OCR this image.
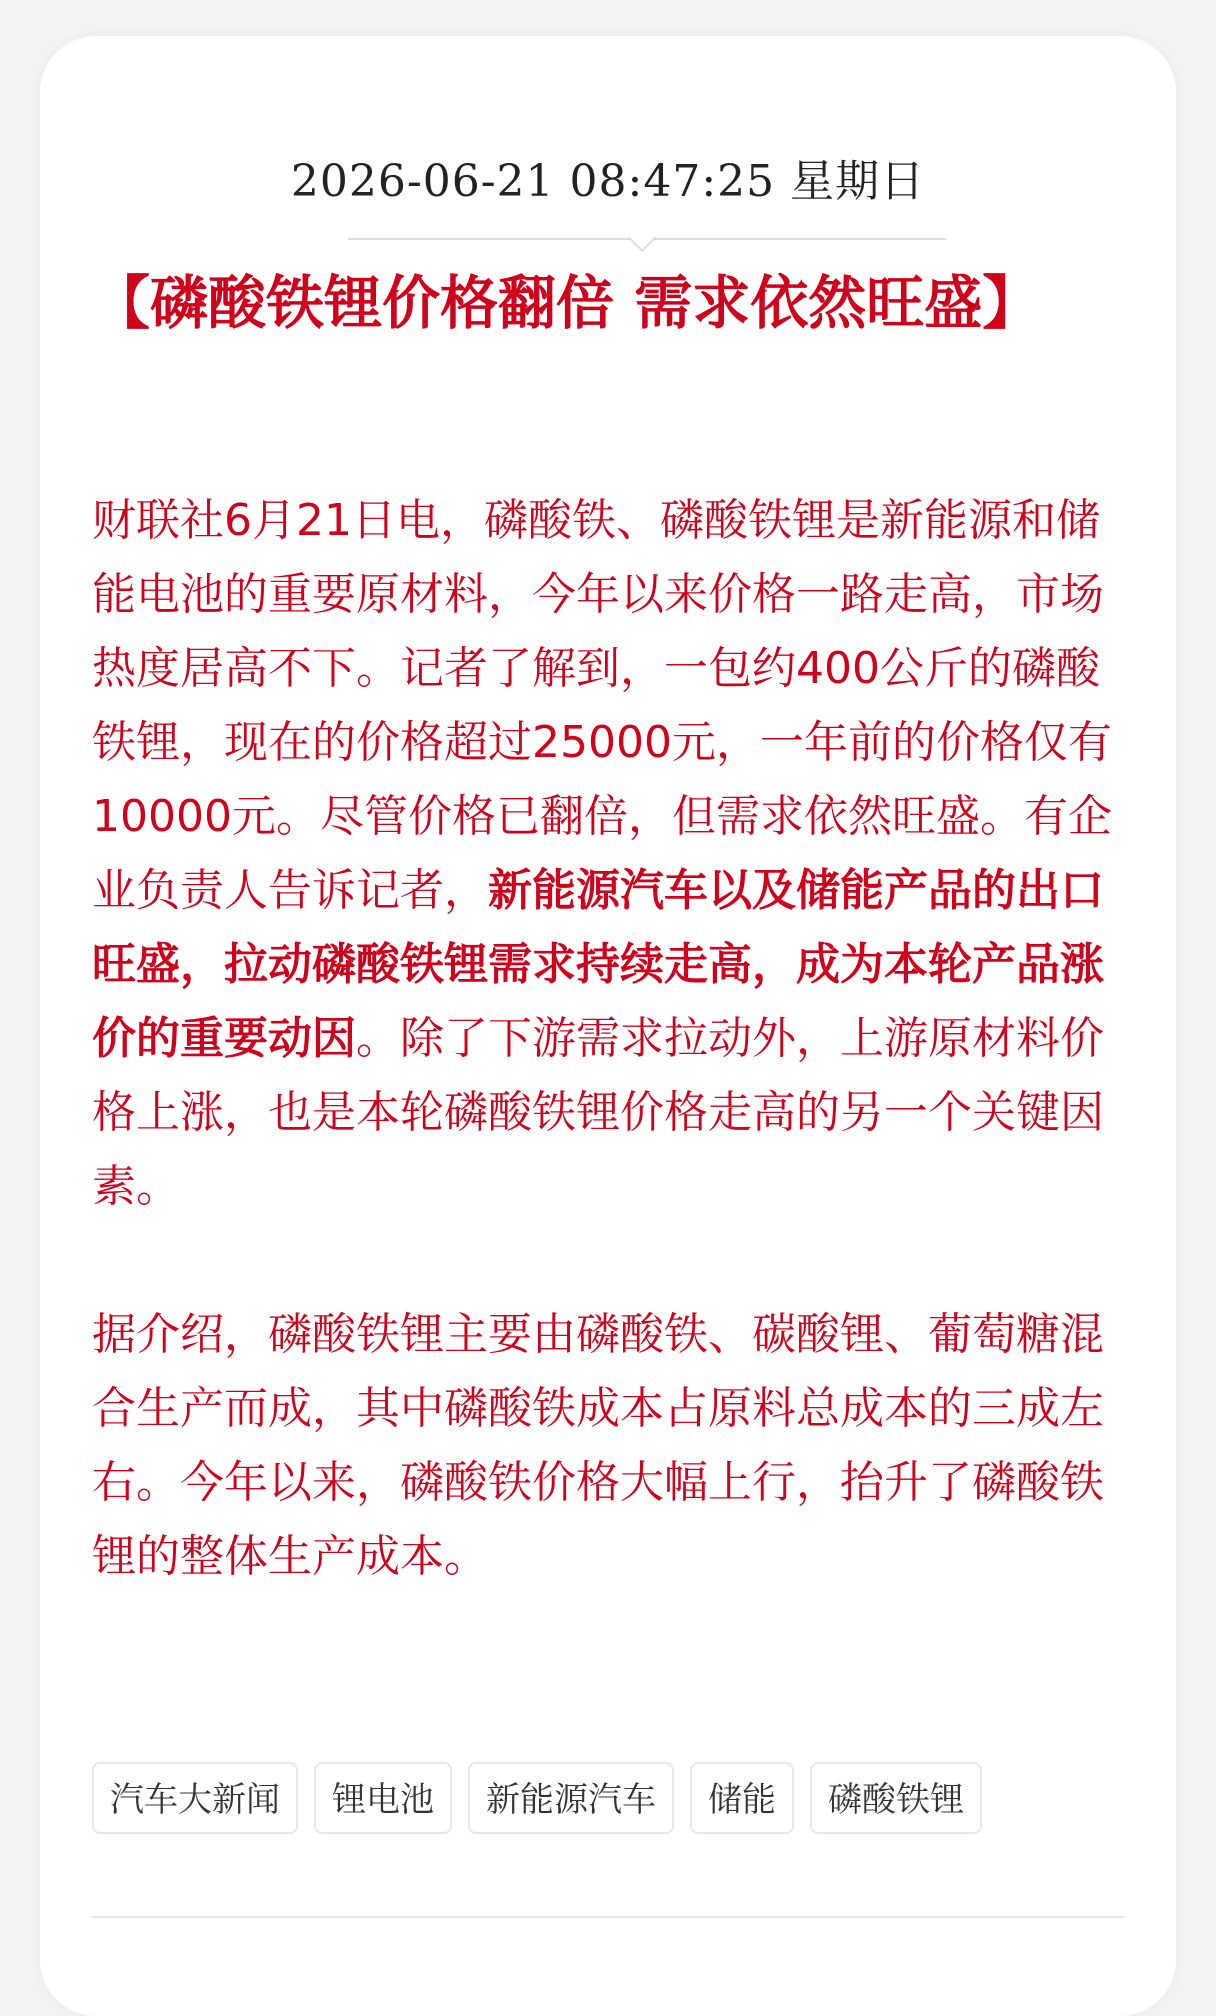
2026-06-21 08:47:25 星期日
【磷酸铁锂价格翻倍 需求依然旺盛】

财联社6月21日电，磷酸铁、磷酸铁锂是新能源和储能电池的重要原材料，今年以来价格一路走高，市场热度居高不下。记者了解到，一包约400公斤的磷酸铁锂，现在的价格超过25000元，一年前的价格仅有10000元。尽管价格已翻倍，但需求依然旺盛。有企业负责人告诉记者，新能源汽车以及储能产品的出口旺盛，拉动磷酸铁锂需求持续走高，成为本轮产品涨价的重要动因。除了下游需求拉动外，上游原材料价格上涨，也是本轮磷酸铁锂价格走高的另一个关键因素。

据介绍，磷酸铁锂主要由磷酸铁、碳酸锂、葡萄糖混合生产而成，其中磷酸铁成本占原料总成本的三成左右。今年以来，磷酸铁价格大幅上行，抬升了磷酸铁锂的整体生产成本。

汽车大新闻	锂电池	新能源汽车	储能	磷酸铁锂
